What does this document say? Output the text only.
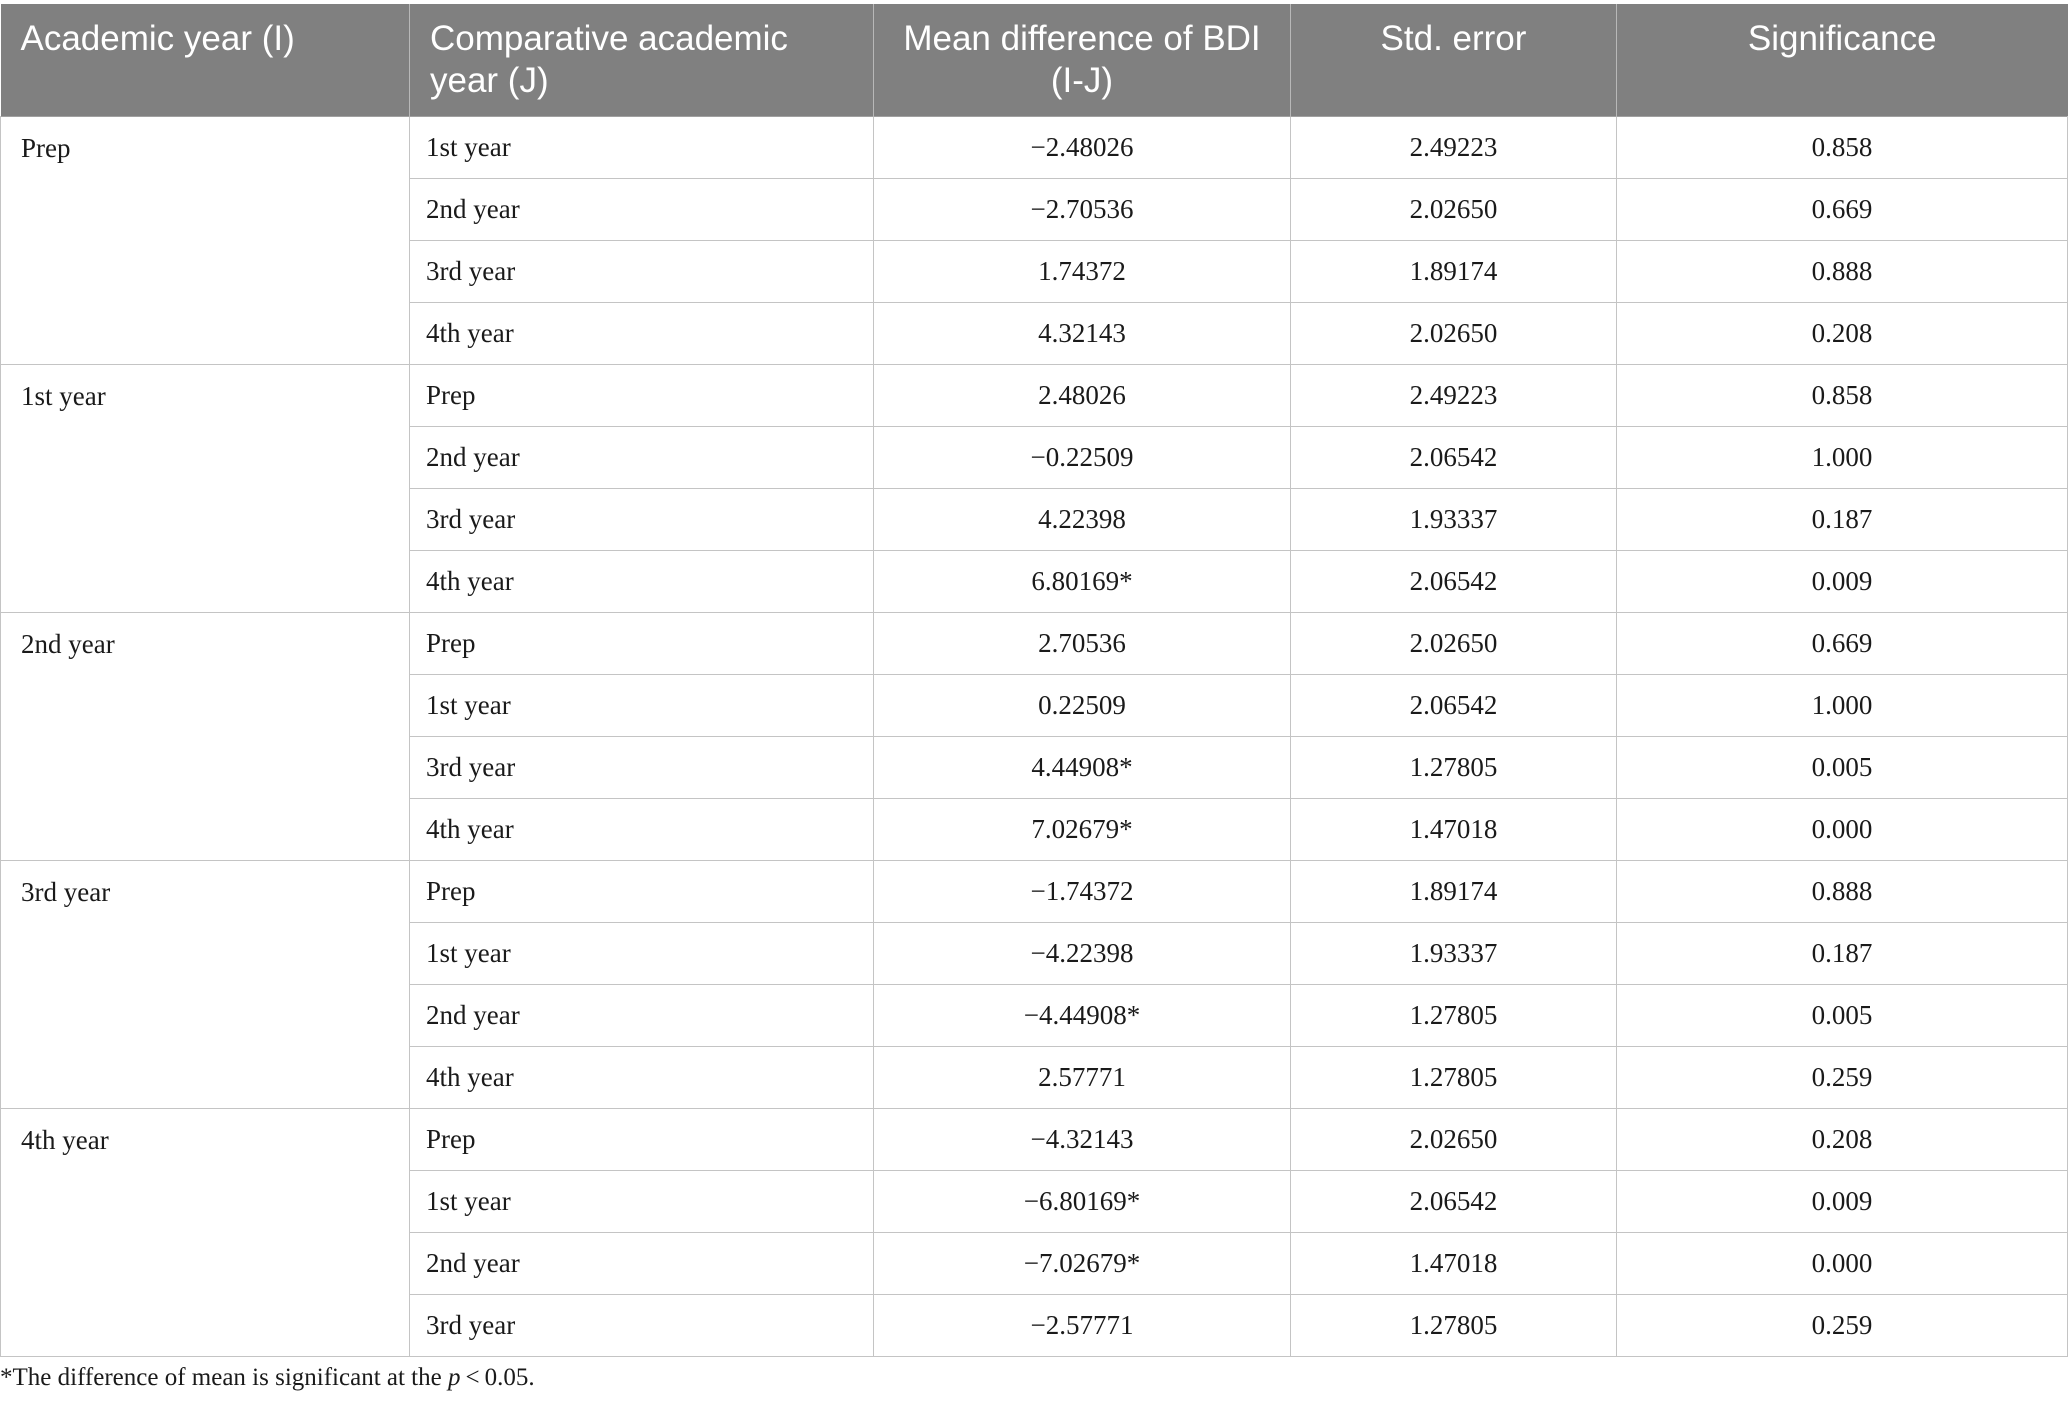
Academic year (I)	Comparative academic year (J)	Mean difference of BDI (I-J)	Std. error	Significance
Prep	1st year	−2.48026	2.49223	0.858
	2nd year	−2.70536	2.02650	0.669
	3rd year	1.74372	1.89174	0.888
	4th year	4.32143	2.02650	0.208
1st year	Prep	2.48026	2.49223	0.858
	2nd year	−0.22509	2.06542	1.000
	3rd year	4.22398	1.93337	0.187
	4th year	6.80169*	2.06542	0.009
2nd year	Prep	2.70536	2.02650	0.669
	1st year	0.22509	2.06542	1.000
	3rd year	4.44908*	1.27805	0.005
	4th year	7.02679*	1.47018	0.000
3rd year	Prep	−1.74372	1.89174	0.888
	1st year	−4.22398	1.93337	0.187
	2nd year	−4.44908*	1.27805	0.005
	4th year	2.57771	1.27805	0.259
4th year	Prep	−4.32143	2.02650	0.208
	1st year	−6.80169*	2.06542	0.009
	2nd year	−7.02679*	1.47018	0.000
	3rd year	−2.57771	1.27805	0.259
*The difference of mean is significant at the p < 0.05.
